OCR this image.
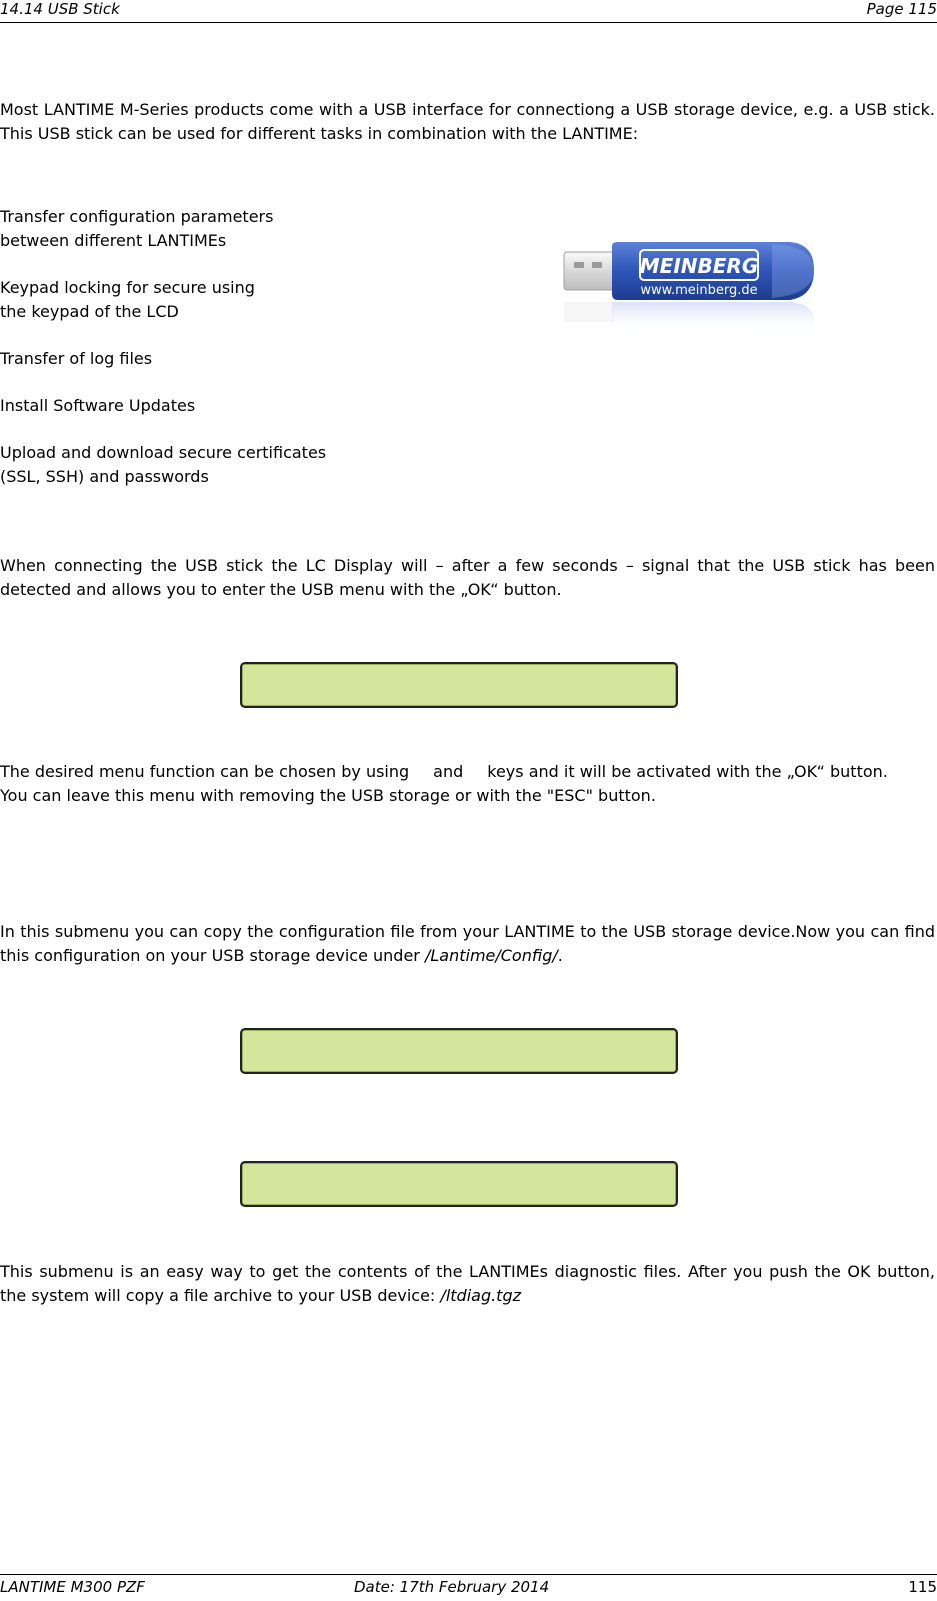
14.14 USB Stick	Page 115

Most LANTIME M-Series products come with a USB interface for connectiong a USB storage device, e.g. a USB stick. This USB stick can be used for different tasks in combination with the LANTIME:

Transfer configuration parameters
between different LANTIMEs
Keypad locking for secure using
the keypad of the LCD
Transfer of log files
Install Software Updates
Upload and download secure certificates
(SSL, SSH) and passwords
MEINBERG
www.meinberg.de

When connecting the USB stick the LC Display will – after a few seconds – signal that the USB stick has been detected and allows you to enter the USB menu with the „OK“ button.

The desired menu function can be chosen by using and keys and it will be activated with the „OK“ button.
You can leave this menu with removing the USB storage or with the "ESC" button.

In this submenu you can copy the configuration file from your LANTIME to the USB storage device.Now you can find this configuration on your USB storage device under /Lantime/Config/.

This submenu is an easy way to get the contents of the LANTIMEs diagnostic files. After you push the OK button, the system will copy a file archive to your USB device: /ltdiag.tgz

LANTIME M300 PZF	Date: 17th February 2014	115
